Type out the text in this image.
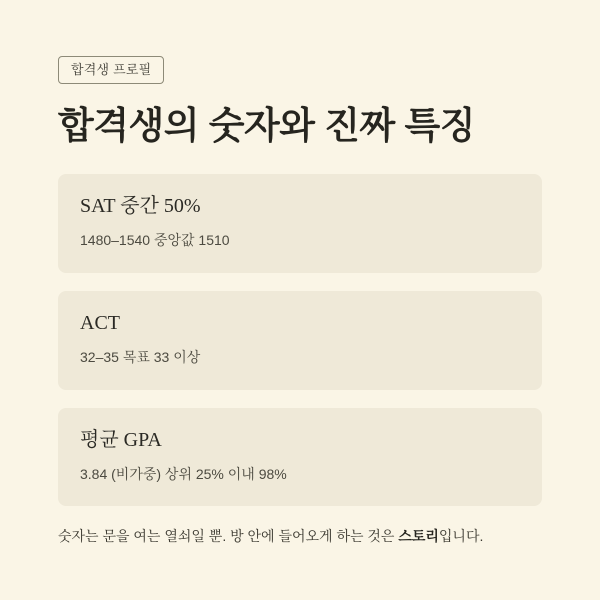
합격생 프로필
합격생의 숫자와 진짜 특징
SAT 중간 50%
1480–1540 중앙값 1510
ACT
32–35 목표 33 이상
평균 GPA
3.84 (비가중) 상위 25% 이내 98%

숫자는 문을 여는 열쇠일 뿐. 방 안에 들어오게 하는 것은 스토리입니다.
